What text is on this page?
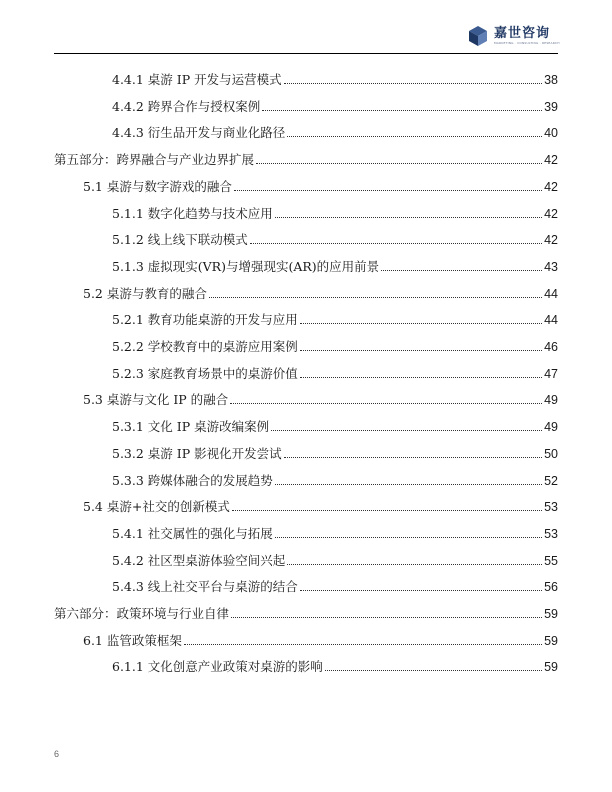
嘉世咨询
MARKETING · CONSULTING · RESEARCH
4.4.1 桌游 IP 开发与运营模式	38
4.4.2 跨界合作与授权案例	39
4.4.3 衍生品开发与商业化路径	40
第五部分：跨界融合与产业边界扩展	42
5.1 桌游与数字游戏的融合	42
5.1.1 数字化趋势与技术应用	42
5.1.2 线上线下联动模式	42
5.1.3 虚拟现实(VR)与增强现实(AR)的应用前景	43
5.2 桌游与教育的融合	44
5.2.1 教育功能桌游的开发与应用	44
5.2.2 学校教育中的桌游应用案例	46
5.2.3 家庭教育场景中的桌游价值	47
5.3 桌游与文化 IP 的融合	49
5.3.1 文化 IP 桌游改编案例	49
5.3.2 桌游 IP 影视化开发尝试	50
5.3.3 跨媒体融合的发展趋势	52
5.4 桌游+社交的创新模式	53
5.4.1 社交属性的强化与拓展	53
5.4.2 社区型桌游体验空间兴起	55
5.4.3 线上社交平台与桌游的结合	56
第六部分：政策环境与行业自律	59
6.1 监管政策框架	59
6.1.1 文化创意产业政策对桌游的影响	59
6
